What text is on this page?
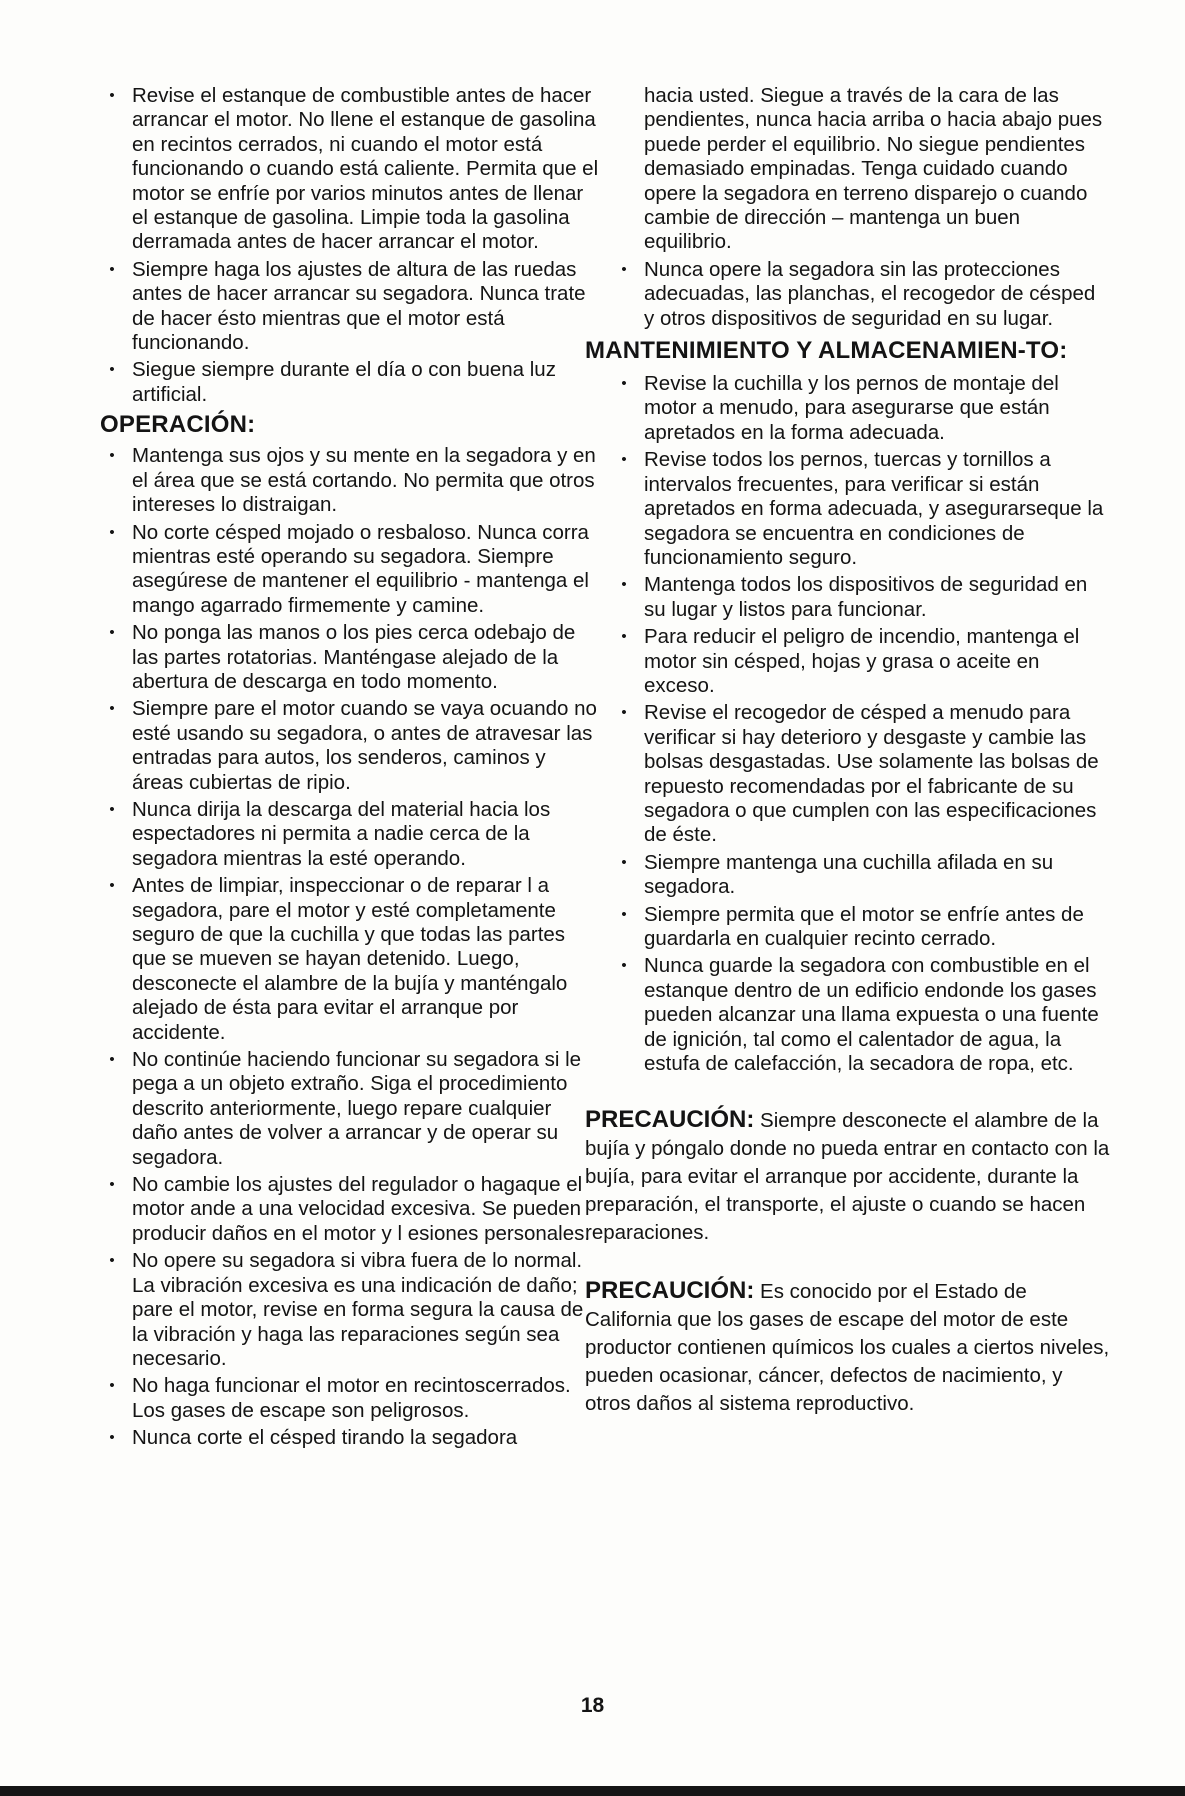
• Revise el estanque de combustible antes de hacer arrancar el motor. No llene el estanque de gasolina en recintos cerrados, ni cuando el motor está funcionando o cuando está caliente. Permita que el motor se enfríe por varios minutos antes de llenar el estanque de gasolina. Limpie toda la gasolina derramada antes de hacer arrancar el motor.
• Siempre haga los ajustes de altura de las ruedas antes de hacer arrancar su segadora. Nunca trate de hacer ésto mientras que el motor está funcionando.
• Siegue siempre durante el día o con buena luz artificial.
OPERACIÓN:
• Mantenga sus ojos y su mente en la segadora y en el área que se está cortando. No permita que otros intereses lo distraigan.
• No corte césped mojado o resbaloso. Nunca corra mientras esté operando su segadora. Siempre asegúrese de mantener el equilibrio - mantenga el mango agarrado firmemente y camine.
• No ponga las manos o los pies cerca odebajo de las partes rotatorias. Manténgase alejado de la abertura de descarga en todo momento.
• Siempre pare el motor cuando se vaya ocuando no esté usando su segadora, o antes de atravesar las entradas para autos, los senderos, caminos y áreas cubiertas de ripio.
• Nunca dirija la descarga del material hacia los espectadores ni permita a nadie cerca de la segadora mientras la esté operando.
• Antes de limpiar, inspeccionar o de reparar l a segadora, pare el motor y esté completamente seguro de que la cuchilla y que todas las partes que se mueven se hayan detenido. Luego, desconecte el alambre de la bujía y manténgalo alejado de ésta para evitar el arranque por accidente.
• No continúe haciendo funcionar su segadora si le pega a un objeto extraño. Siga el procedimiento descrito anteriormente, luego repare cualquier daño antes de volver a arrancar y de operar su segadora.
• No cambie los ajustes del regulador o hagaque el motor ande a una velocidad excesiva. Se pueden producir daños en el motor y l esiones personales.
• No opere su segadora si vibra fuera de lo normal. La vibración excesiva es una indicación de daño; pare el motor, revise en forma segura la causa de la vibración y haga las reparaciones según sea necesario.
• No haga funcionar el motor en recintoscerrados. Los gases de escape son peligrosos.
• Nunca corte el césped tirando la segadora
hacia usted. Siegue a través de la cara de las pendientes, nunca hacia arriba o hacia abajo pues puede perder el equilibrio. No siegue pendientes demasiado empinadas. Tenga cuidado cuando opere la segadora en terreno disparejo o cuando cambie de dirección – mantenga un buen equilibrio.
• Nunca opere la segadora sin las protecciones adecuadas, las planchas, el recogedor de césped y otros dispositivos de seguridad en su lugar.
MANTENIMIENTO Y ALMACENAMIEN-TO:
• Revise la cuchilla y los pernos de montaje del motor a menudo, para asegurarse que están apretados en la forma adecuada.
• Revise todos los pernos, tuercas y tornillos a intervalos frecuentes, para verificar si están apretados en forma adecuada, y asegurarseque la segadora se encuentra en condiciones de funcionamiento seguro.
• Mantenga todos los dispositivos de seguridad en su lugar y listos para funcionar.
• Para reducir el peligro de incendio, mantenga el motor sin césped, hojas y grasa o aceite en exceso.
• Revise el recogedor de césped a menudo para verificar si hay deterioro y desgaste y cambie las bolsas desgastadas. Use solamente las bolsas de repuesto recomendadas por el fabricante de su segadora o que cumplen con las especificaciones de éste.
• Siempre mantenga una cuchilla afilada en su segadora.
• Siempre permita que el motor se enfríe antes de guardarla en cualquier recinto cerrado.
• Nunca guarde la segadora con combustible en el estanque dentro de un edificio endonde los gases pueden alcanzar una llama expuesta o una fuente de ignición, tal como el calentador de agua, la estufa de calefacción, la secadora de ropa, etc.

PRECAUCIÓN: Siempre desconecte el alambre de la bujía y póngalo donde no pueda entrar en contacto con la bujía, para evitar el arranque por accidente, durante la preparación, el transporte, el ajuste o cuando se hacen reparaciones.

PRECAUCIÓN: Es conocido por el Estado de California que los gases de escape del motor de este productor contienen químicos los cuales a ciertos niveles, pueden ocasionar, cáncer, defectos de nacimiento, y otros daños al sistema reproductivo.

18
